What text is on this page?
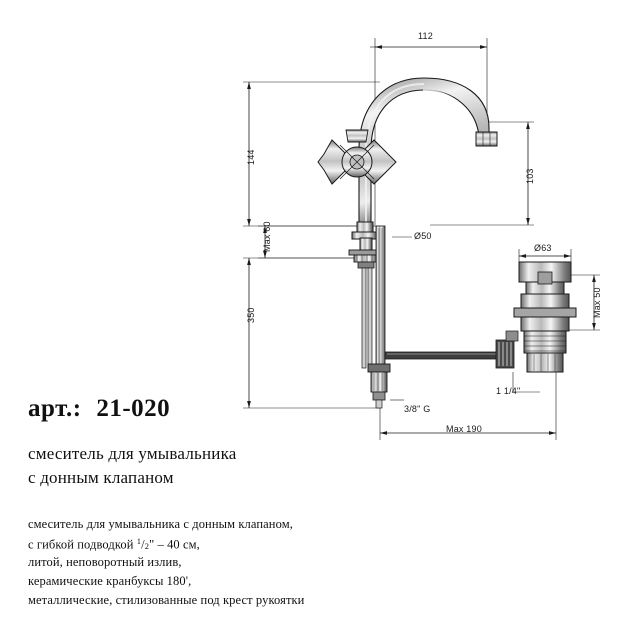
112
144
103
Max 60	Ø50
350
Ø63
Max 50
1 1/4"
3/8" G
Max 190
арт.: 21-020
смеситель для умывальника
с донным клапаном
смеситель для умывальника с донным клапаном,
с гибкой подводкой $^1/_2$" – 40 см,
литой, неповоротный излив,
керамические кранбуксы 180',
металлические, стилизованные под крест рукоятки
